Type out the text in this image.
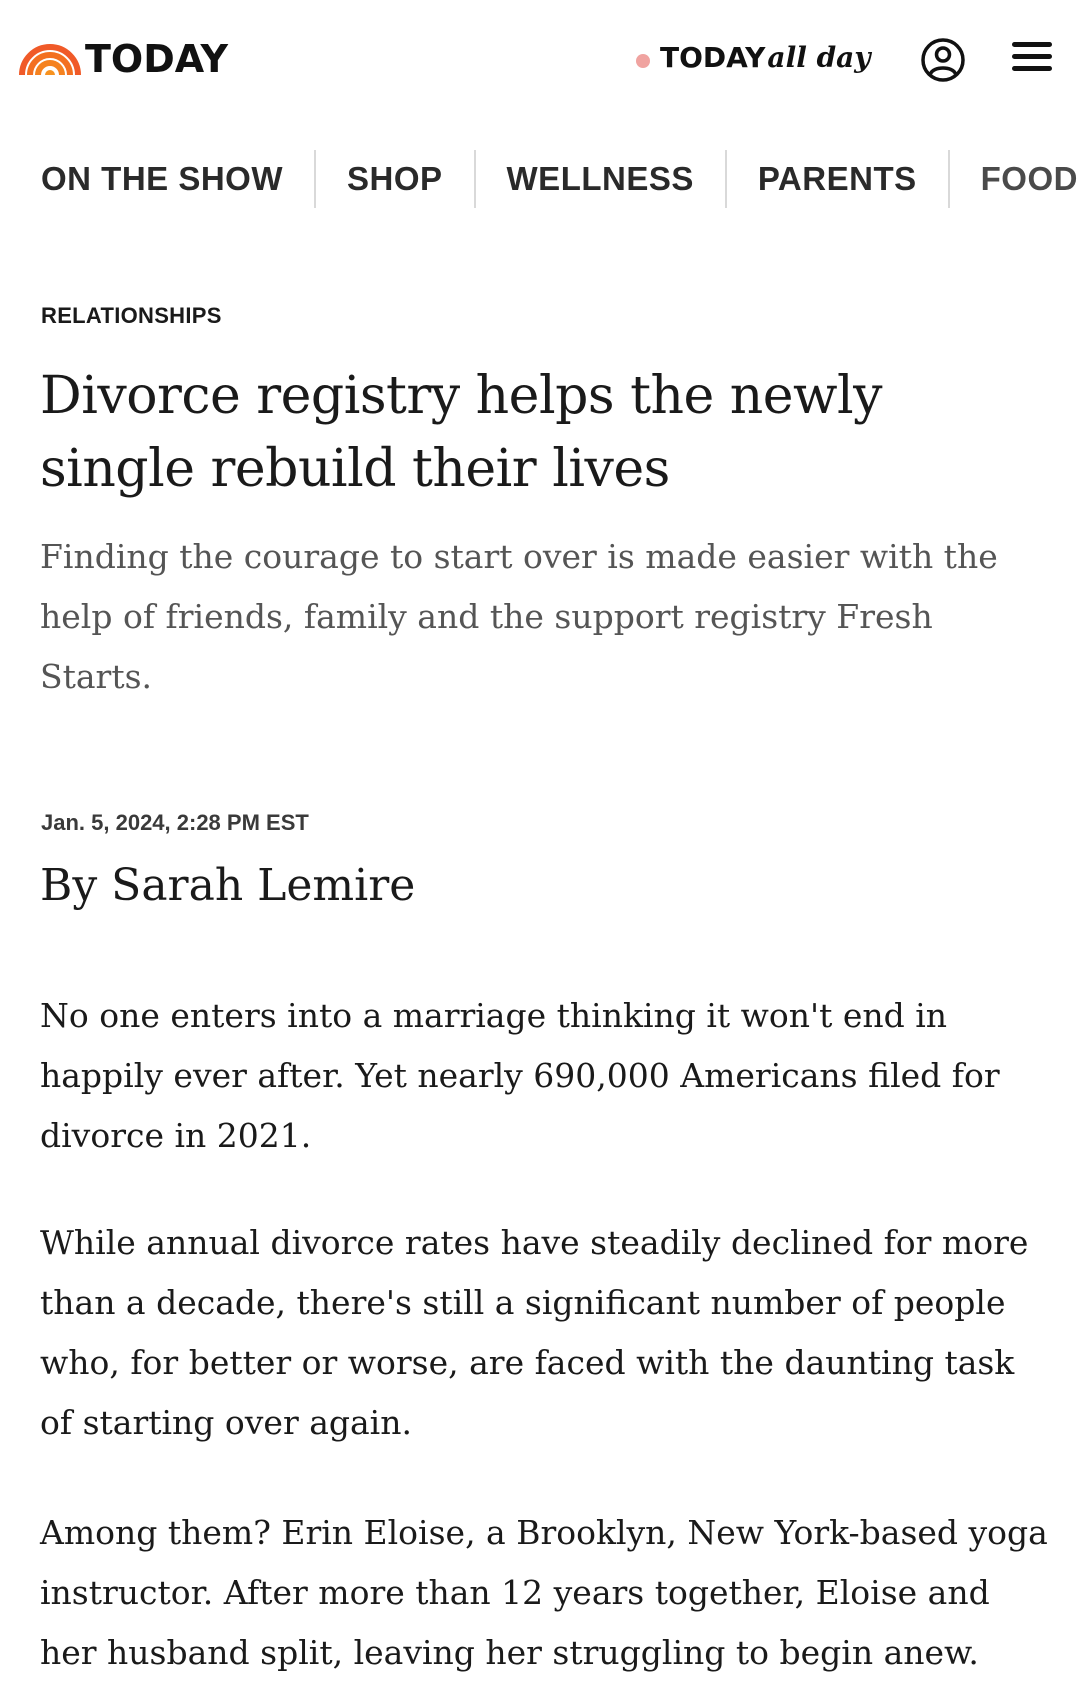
TODAY	TODAY all day
ON THE SHOW	SHOP	WELLNESS	PARENTS	FOOD
RELATIONSHIPS
Divorce registry helps the newly single rebuild their lives

Finding the courage to start over is made easier with the help of friends, family and the support registry Fresh Starts.

Jan. 5, 2024, 2:28 PM EST
By Sarah Lemire

No one enters into a marriage thinking it won't end in happily ever after. Yet nearly 690,000 Americans filed for divorce in 2021.

While annual divorce rates have steadily declined for more than a decade, there's still a significant number of people who, for better or worse, are faced with the daunting task of starting over again.

Among them? Erin Eloise, a Brooklyn, New York-based yoga instructor. After more than 12 years together, Eloise and her husband split, leaving her struggling to begin anew.
